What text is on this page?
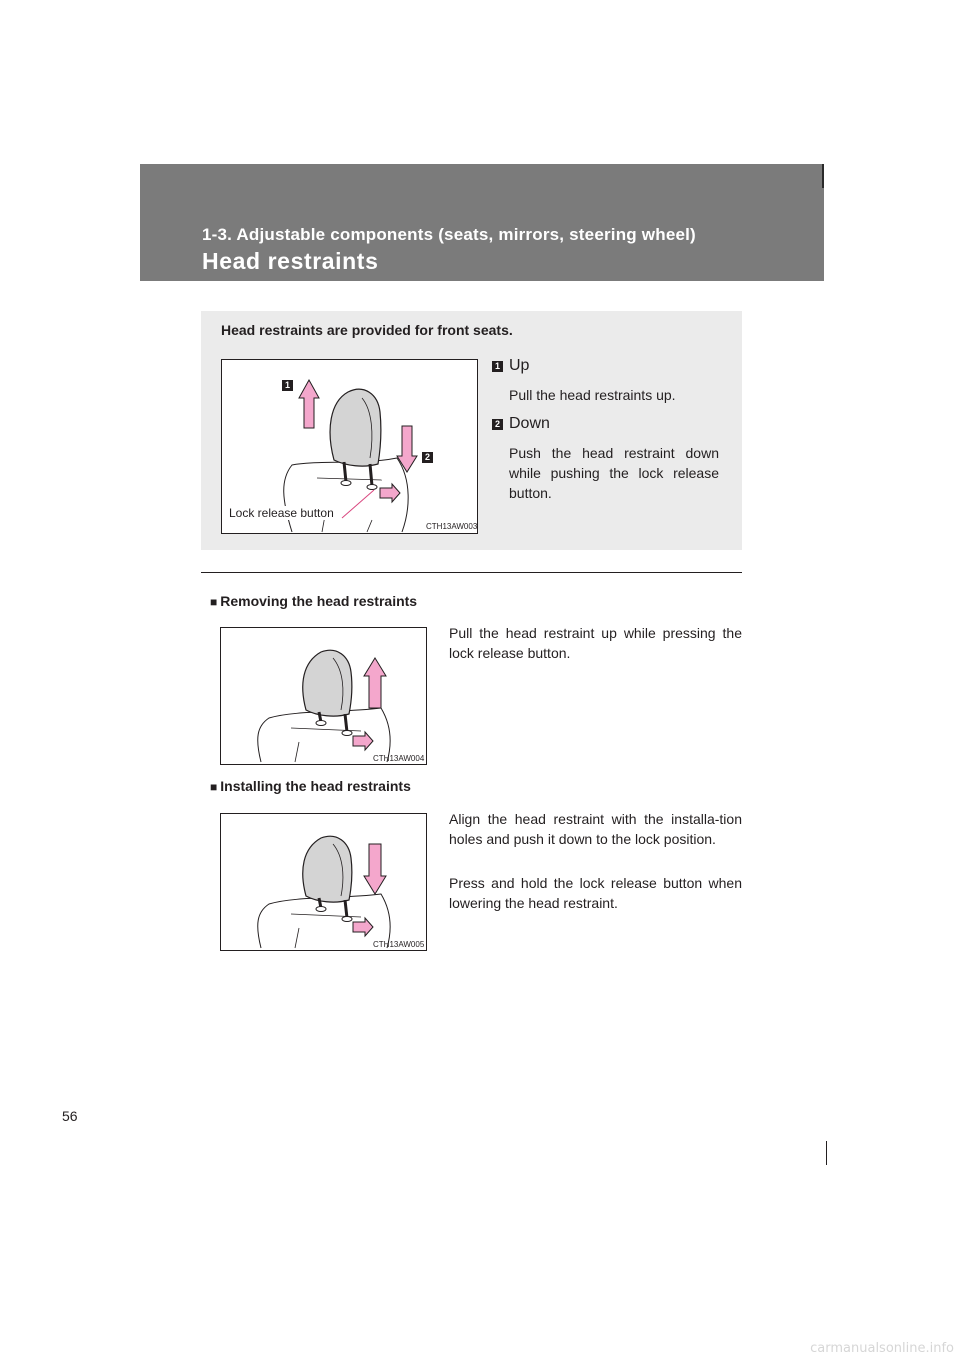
1-3. Adjustable components (seats, mirrors, steering wheel)
Head restraints
Head restraints are provided for front seats.
1
2
Lock release button
CTH13AW003
1 Up
Pull the head restraints up.
2 Down
Push the head restraint down while pushing the lock release button.
■ Removing the head restraints
CTH13AW004
Pull the head restraint up while pressing the lock release button.
■ Installing the head restraints
CTH13AW005
Align the head restraint with the installa-tion holes and push it down to the lock position.
Press and hold the lock release button when lowering the head restraint.
56
carmanualsonline.info
